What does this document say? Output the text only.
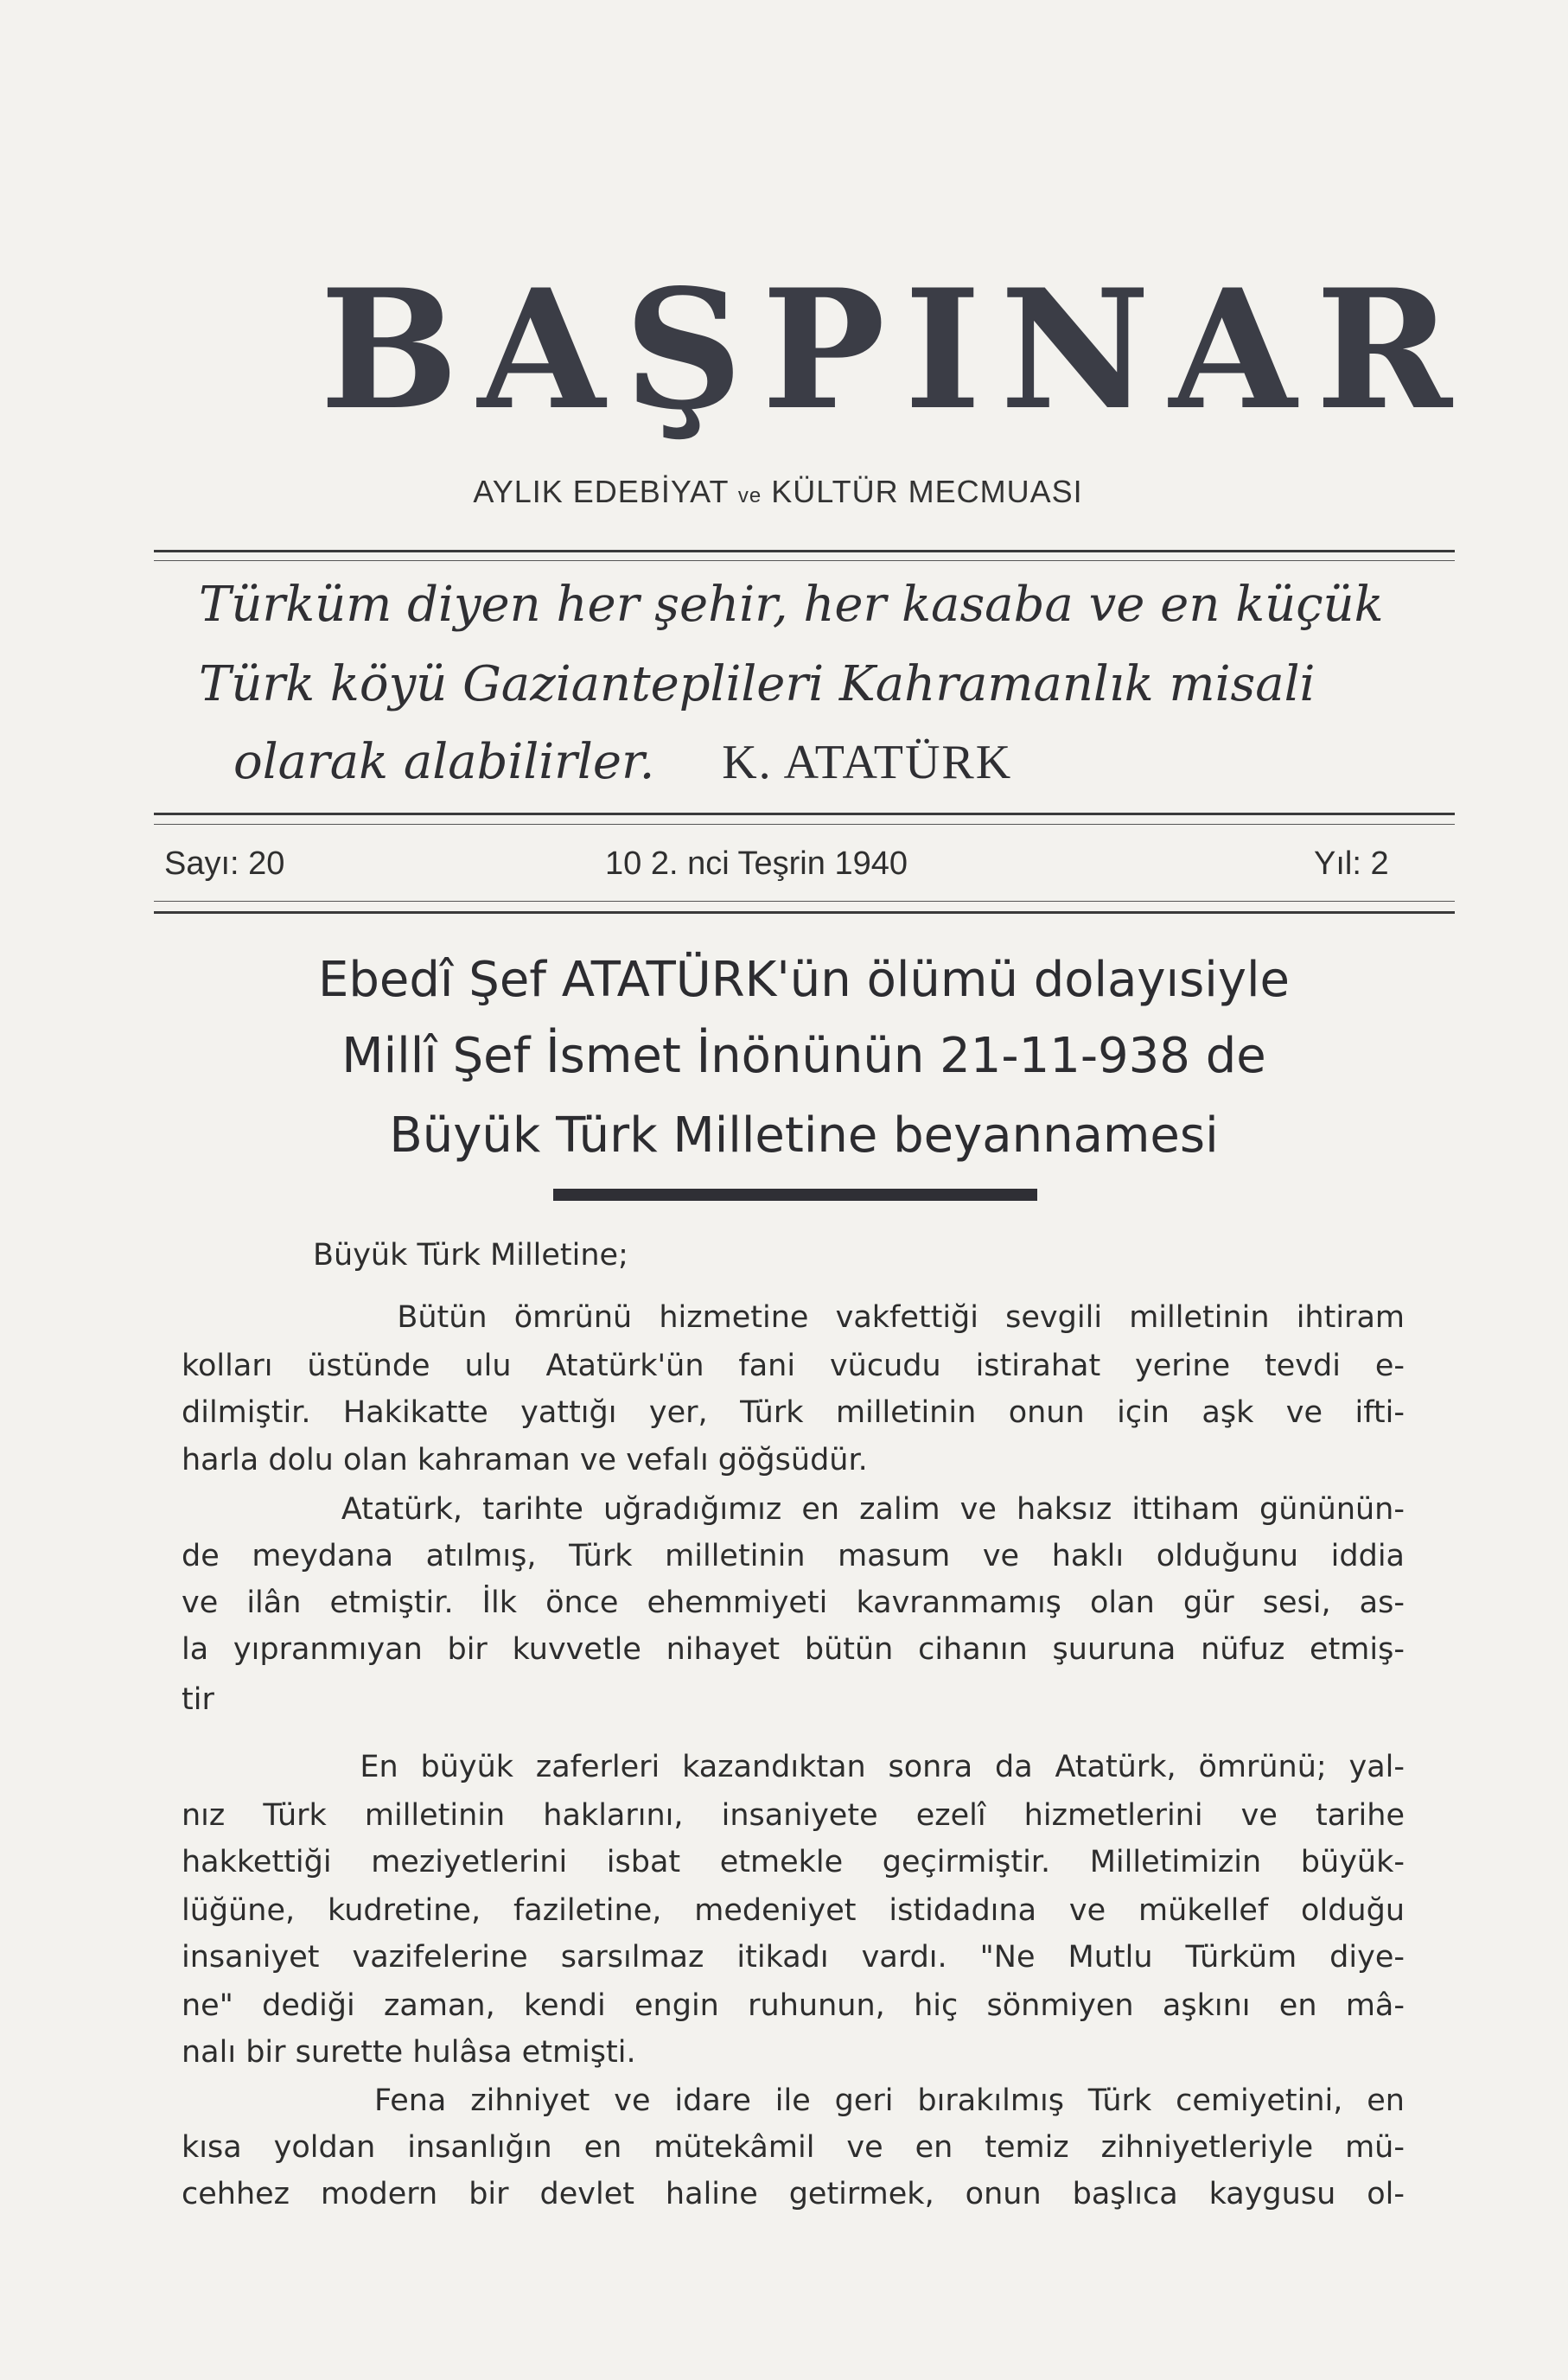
BAŞPINAR
AYLIK EDEBİYAT ve KÜLTÜR MECMUASI
Türküm diyen her şehir, her kasaba ve en küçük
Türk köyü Gazianteplileri Kahramanlık misali
olarak alabilirler. K. ATATÜRK
Sayı: 20	10 2. nci Teşrin 1940	Yıl: 2
Ebedî Şef ATATÜRK'ün ölümü dolayısiyle
Millî Şef İsmet İnönünün 21-11-938 de
Büyük Türk Milletine beyannamesi
Büyük Türk Milletine;
Bütün ömrünü hizmetine vakfettiği sevgili milletinin ihtiram
kolları üstünde ulu Atatürk'ün fani vücudu istirahat yerine tevdi e-
dilmiştir. Hakikatte yattığı yer, Türk milletinin onun için aşk ve ifti-
harla dolu olan kahraman ve vefalı göğsüdür.
Atatürk, tarihte uğradığımız en zalim ve haksız ittiham gününün-
de meydana atılmış, Türk milletinin masum ve haklı olduğunu iddia
ve ilân etmiştir. İlk önce ehemmiyeti kavranmamış olan gür sesi, as-
la yıpranmıyan bir kuvvetle nihayet bütün cihanın şuuruna nüfuz etmiş-
tir
En büyük zaferleri kazandıktan sonra da Atatürk, ömrünü; yal-
nız Türk milletinin haklarını, insaniyete ezelî hizmetlerini ve tarihe
hakkettiği meziyetlerini isbat etmekle geçirmiştir. Milletimizin büyük-
lüğüne, kudretine, faziletine, medeniyet istidadına ve mükellef olduğu
insaniyet vazifelerine sarsılmaz itikadı vardı. "Ne Mutlu Türküm diye-
ne" dediği zaman, kendi engin ruhunun, hiç sönmiyen aşkını en mâ-
nalı bir surette hulâsa etmişti.
Fena zihniyet ve idare ile geri bırakılmış Türk cemiyetini, en
kısa yoldan insanlığın en mütekâmil ve en temiz zihniyetleriyle mü-
cehhez modern bir devlet haline getirmek, onun başlıca kaygusu ol-
